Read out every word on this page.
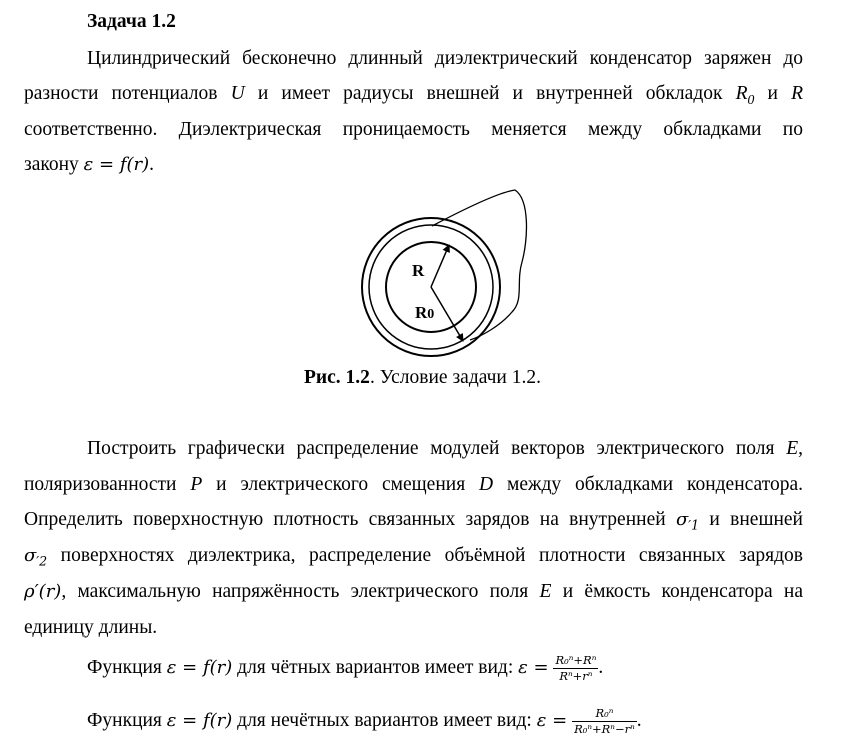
Задача 1.2
Цилиндрический бесконечно длинный диэлектрический конденсатор заряжен до
разности потенциалов U и имеет радиусы внешней и внутренней обкладок $R_0$ и R
соответственно. Диэлектрическая проницаемость меняется между обкладками по
закону ε = f(r).
R
R0
Рис. 1.2. Условие задачи 1.2.
Построить графически распределение модулей векторов электрического поля E,
поляризованности P и электрического смещения D между обкладками конденсатора.
Определить поверхностную плотность связанных зарядов на внутренней $\sigma_{'1}$ и внешней
$\sigma_{'2}$ поверхностях диэлектрика, распределение объёмной плотности связанных зарядов
ρ′(r), максимальную напряжённость электрического поля E и ёмкость конденсатора на
единицу длины.
Функция ε = f(r) для чётных вариантов имеет вид: $\varepsilon = \frac{\text{R₀ⁿ+Rⁿ}}{\text{Rⁿ+rⁿ}}$ .
Функция ε = f(r) для нечётных вариантов имеет вид: $\varepsilon = \frac{\text{R₀ⁿ}}{\text{R₀ⁿ+Rⁿ−rⁿ}}$ .
